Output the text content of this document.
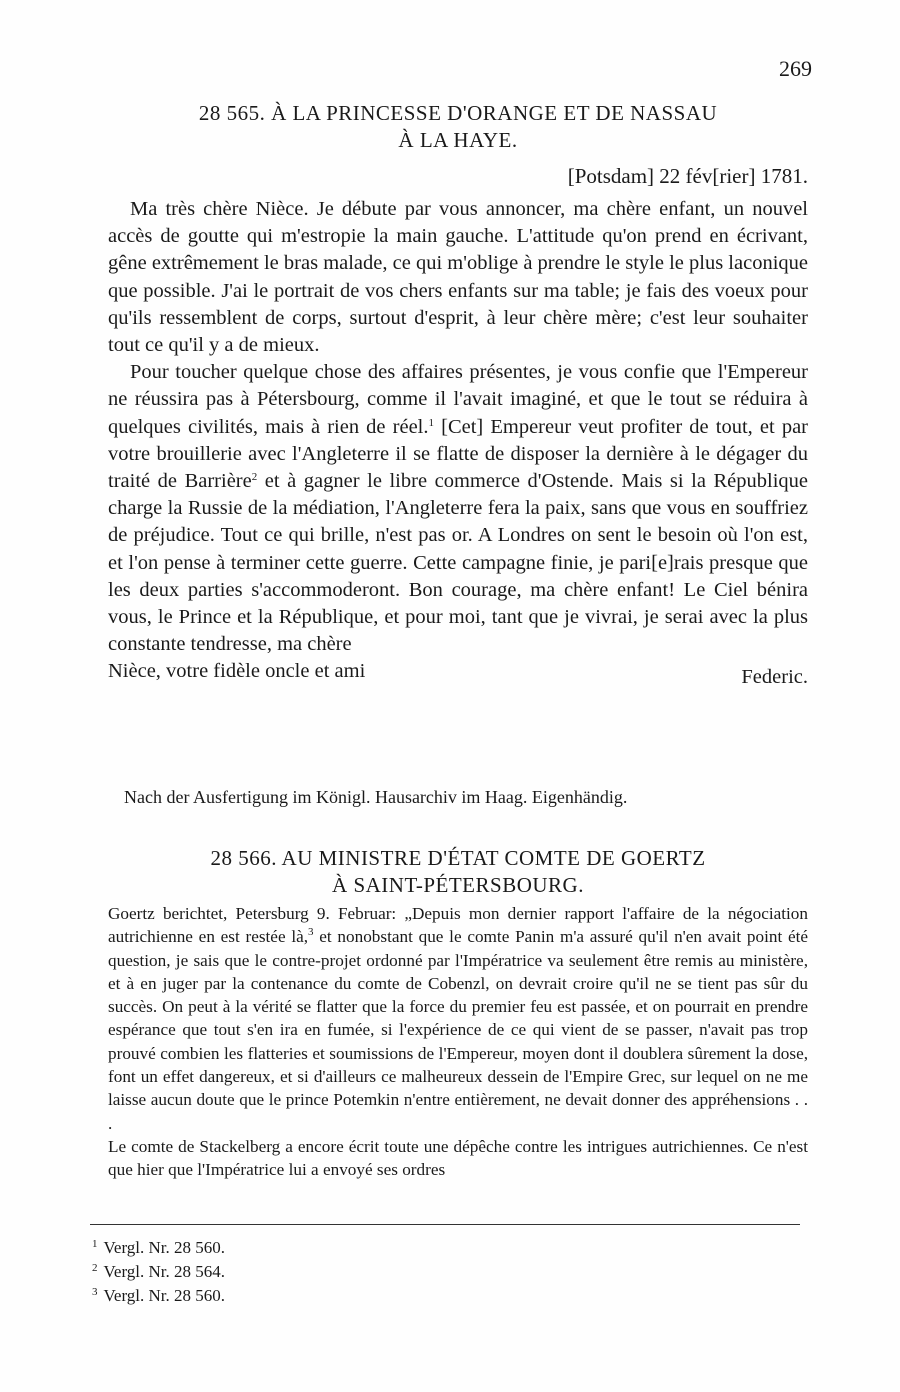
269
28 565. À LA PRINCESSE D'ORANGE ET DE NASSAU
À LA HAYE.
[Potsdam] 22 fév[rier] 1781.

Ma très chère Nièce. Je débute par vous annoncer, ma chère enfant, un nouvel accès de goutte qui m'estropie la main gauche. L'attitude qu'on prend en écrivant, gêne extrêmement le bras malade, ce qui m'oblige à prendre le style le plus laconique que possible. J'ai le portrait de vos chers enfants sur ma table; je fais des voeux pour qu'ils ressemblent de corps, surtout d'esprit, à leur chère mère; c'est leur souhaiter tout ce qu'il y a de mieux.

Pour toucher quelque chose des affaires présentes, je vous confie que l'Empereur ne réussira pas à Pétersbourg, comme il l'avait imaginé, et que le tout se réduira à quelques civilités, mais à rien de réel.$^1$ [Cet] Empereur veut profiter de tout, et par votre brouillerie avec l'Angleterre il se flatte de disposer la dernière à le dégager du traité de Barrière$^2$ et à gagner le libre commerce d'Ostende. Mais si la République charge la Russie de la médiation, l'Angleterre fera la paix, sans que vous en souffriez de préjudice. Tout ce qui brille, n'est pas or. A Londres on sent le besoin où l'on est, et l'on pense à terminer cette guerre. Cette campagne finie, je pari[e]rais presque que les deux parties s'accommoderont. Bon courage, ma chère enfant! Le Ciel bénira vous, le Prince et la République, et pour moi, tant que je vivrai, je serai avec la plus constante tendresse, ma chère

Nièce, votre fidèle oncle et ami	Federic.
Nach der Ausfertigung im Königl. Hausarchiv im Haag. Eigenhändig.
28 566. AU MINISTRE D'ÉTAT COMTE DE GOERTZ
À SAINT-PÉTERSBOURG.

Goertz berichtet, Petersburg 9. Februar: „Depuis mon dernier rapport l'affaire de la négociation autrichienne en est restée là,$^3$ et nonobstant que le comte Panin m'a assuré qu'il n'en avait point été question, je sais que le contre-projet ordonné par l'Impératrice va seulement être remis au ministère, et à en juger par la contenance du comte de Cobenzl, on devrait croire qu'il ne se tient pas sûr du succès. On peut à la vérité se flatter que la force du premier feu est passée, et on pourrait en prendre espérance que tout s'en ira en fumée, si l'expérience de ce qui vient de se passer, n'avait pas trop prouvé combien les flatteries et soumissions de l'Empereur, moyen dont il doublera sûrement la dose, font un effet dangereux, et si d'ailleurs ce malheureux dessein de l'Empire Grec, sur lequel on ne me laisse aucun doute que le prince Potemkin n'entre entièrement, ne devait donner des appréhensions . . .

Le comte de Stackelberg a encore écrit toute une dépêche contre les intrigues autrichiennes. Ce n'est que hier que l'Impératrice lui a envoyé ses ordres

$^1$ Vergl. Nr. 28 560.
$^2$ Vergl. Nr. 28 564.
$^3$ Vergl. Nr. 28 560.
